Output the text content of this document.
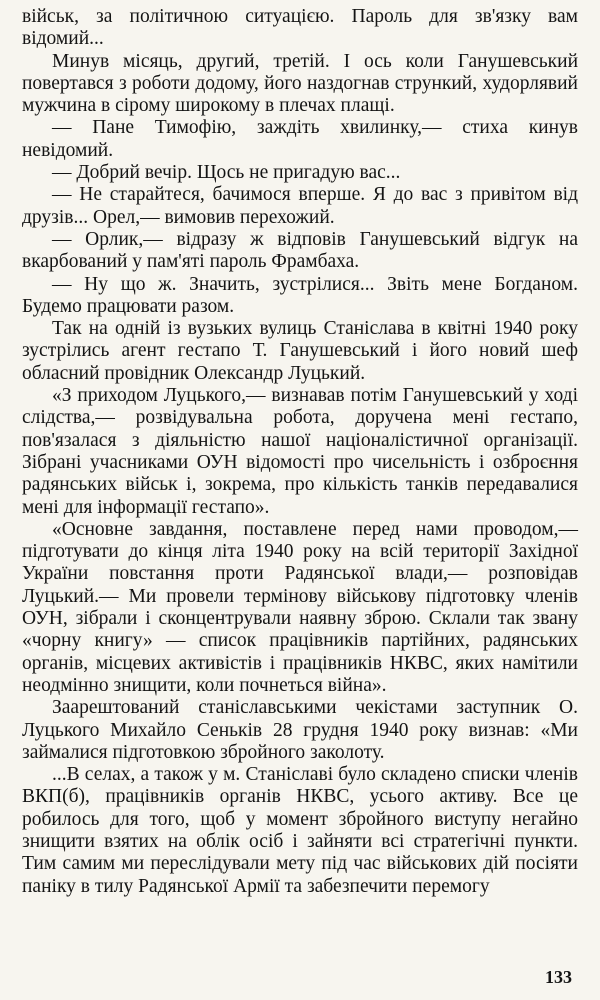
військ, за політичною ситуацією. Пароль для зв'язку вам відомий...

Минув місяць, другий, третій. І ось коли Ганушевський повертався з роботи додому, його наздогнав стрункий, худорлявий мужчина в сірому широкому в плечах плащі.

— Пане Тимофію, заждіть хвилинку,— стиха кинув невідомий.

— Добрий вечір. Щось не пригадую вас...

— Не старайтеся, бачимося вперше. Я до вас з привітом від друзів... Орел,— вимовив перехожий.

— Орлик,— відразу ж відповів Ганушевський відгук на вкарбований у пам'яті пароль Фрамбаха.

— Ну що ж. Значить, зустрілися... Звіть мене Богданом. Будемо працювати разом.

Так на одній із вузьких вулиць Станіслава в квітні 1940 року зустрілись агент гестапо Т. Ганушевський і його новий шеф обласний провідник Олександр Луцький.

«З приходом Луцького,— визнавав потім Ганушевський у ході слідства,— розвідувальна робота, доручена мені гестапо, пов'язалася з діяльністю нашої націоналістичної організації. Зібрані учасниками ОУН відомості про чисельність і озброєння радянських військ і, зокрема, про кількість танків передавалися мені для інформації гестапо».

«Основне завдання, поставлене перед нами проводом,— підготувати до кінця літа 1940 року на всій території Західної України повстання проти Радянської влади,— розповідав Луцький.— Ми провели термінову військову підготовку членів ОУН, зібрали і сконцентрували наявну зброю. Склали так звану «чорну книгу» — список працівників партійних, радянських органів, місцевих активістів і працівників НКВС, яких намітили неодмінно знищити, коли почнеться війна».

Заарештований станіславськими чекістами заступник О. Луцького Михайло Сеньків 28 грудня 1940 року визнав: «Ми займалися підготовкою збройного заколоту.

...В селах, а також у м. Станіславі було складено списки членів ВКП(б), працівників органів НКВС, усього активу. Все це робилось для того, щоб у момент збройного виступу негайно знищити взятих на облік осіб і зайняти всі стратегічні пункти. Тим самим ми переслідували мету під час військових дій посіяти паніку в тилу Радянської Армії та забезпечити перемогу

133
